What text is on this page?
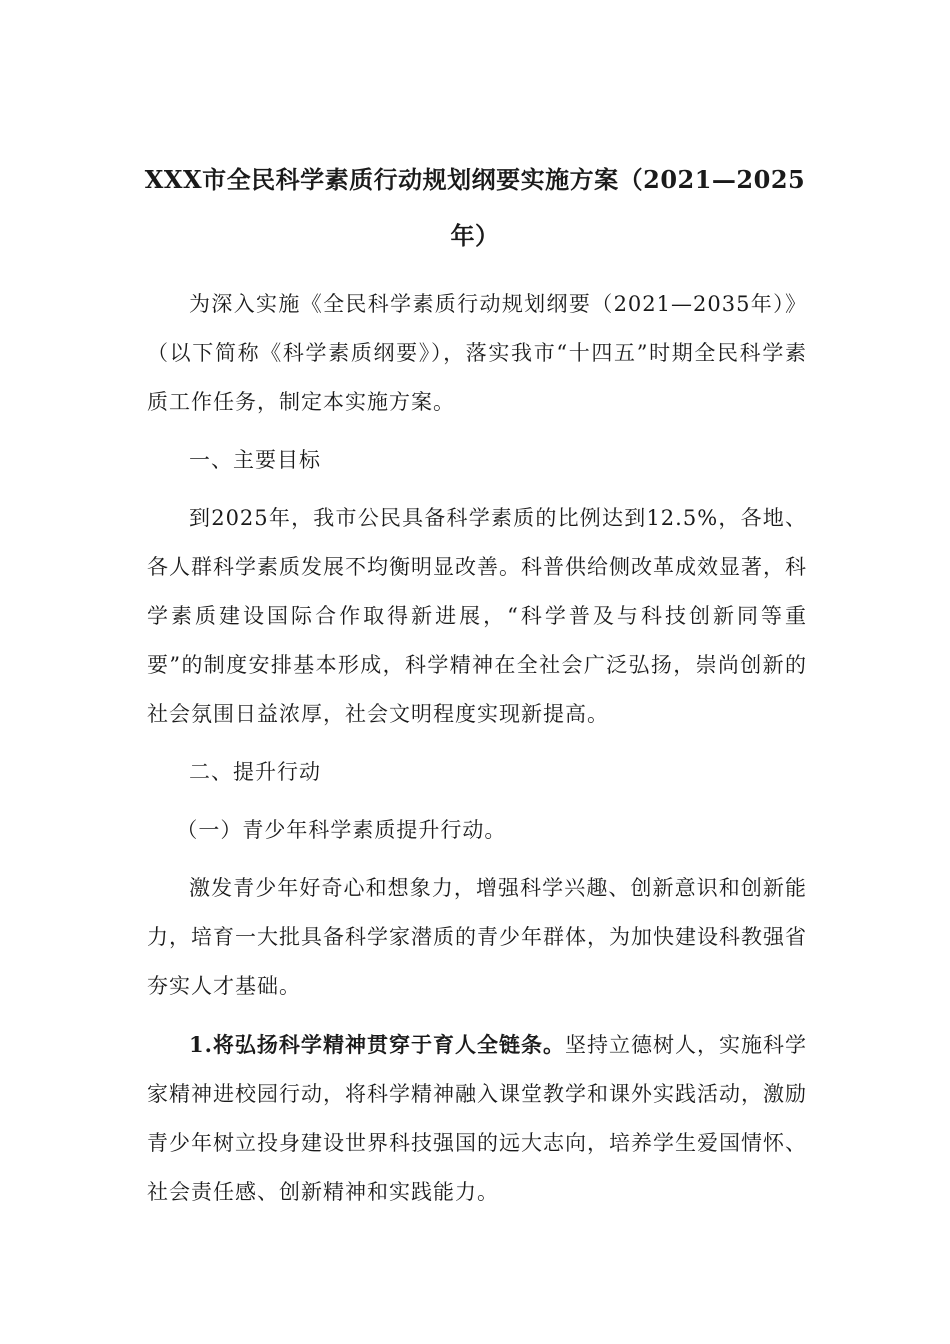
XXX市全民科学素质行动规划纲要实施方案（2021—2025年）

为深入实施《全民科学素质行动规划纲要（2021—2035年）》（以下简称《科学素质纲要》），落实我市“十四五”时期全民科学素质工作任务，制定本实施方案。

一、主要目标

到2025年，我市公民具备科学素质的比例达到12.5%，各地、各人群科学素质发展不均衡明显改善。科普供给侧改革成效显著，科学素质建设国际合作取得新进展，“科学普及与科技创新同等重要”的制度安排基本形成，科学精神在全社会广泛弘扬，崇尚创新的社会氛围日益浓厚，社会文明程度实现新提高。

二、提升行动

（一）青少年科学素质提升行动。

激发青少年好奇心和想象力，增强科学兴趣、创新意识和创新能力，培育一大批具备科学家潜质的青少年群体，为加快建设科教强省夯实人才基础。

1.将弘扬科学精神贯穿于育人全链条。坚持立德树人，实施科学家精神进校园行动，将科学精神融入课堂教学和课外实践活动，激励青少年树立投身建设世界科技强国的远大志向，培养学生爱国情怀、社会责任感、创新精神和实践能力。
